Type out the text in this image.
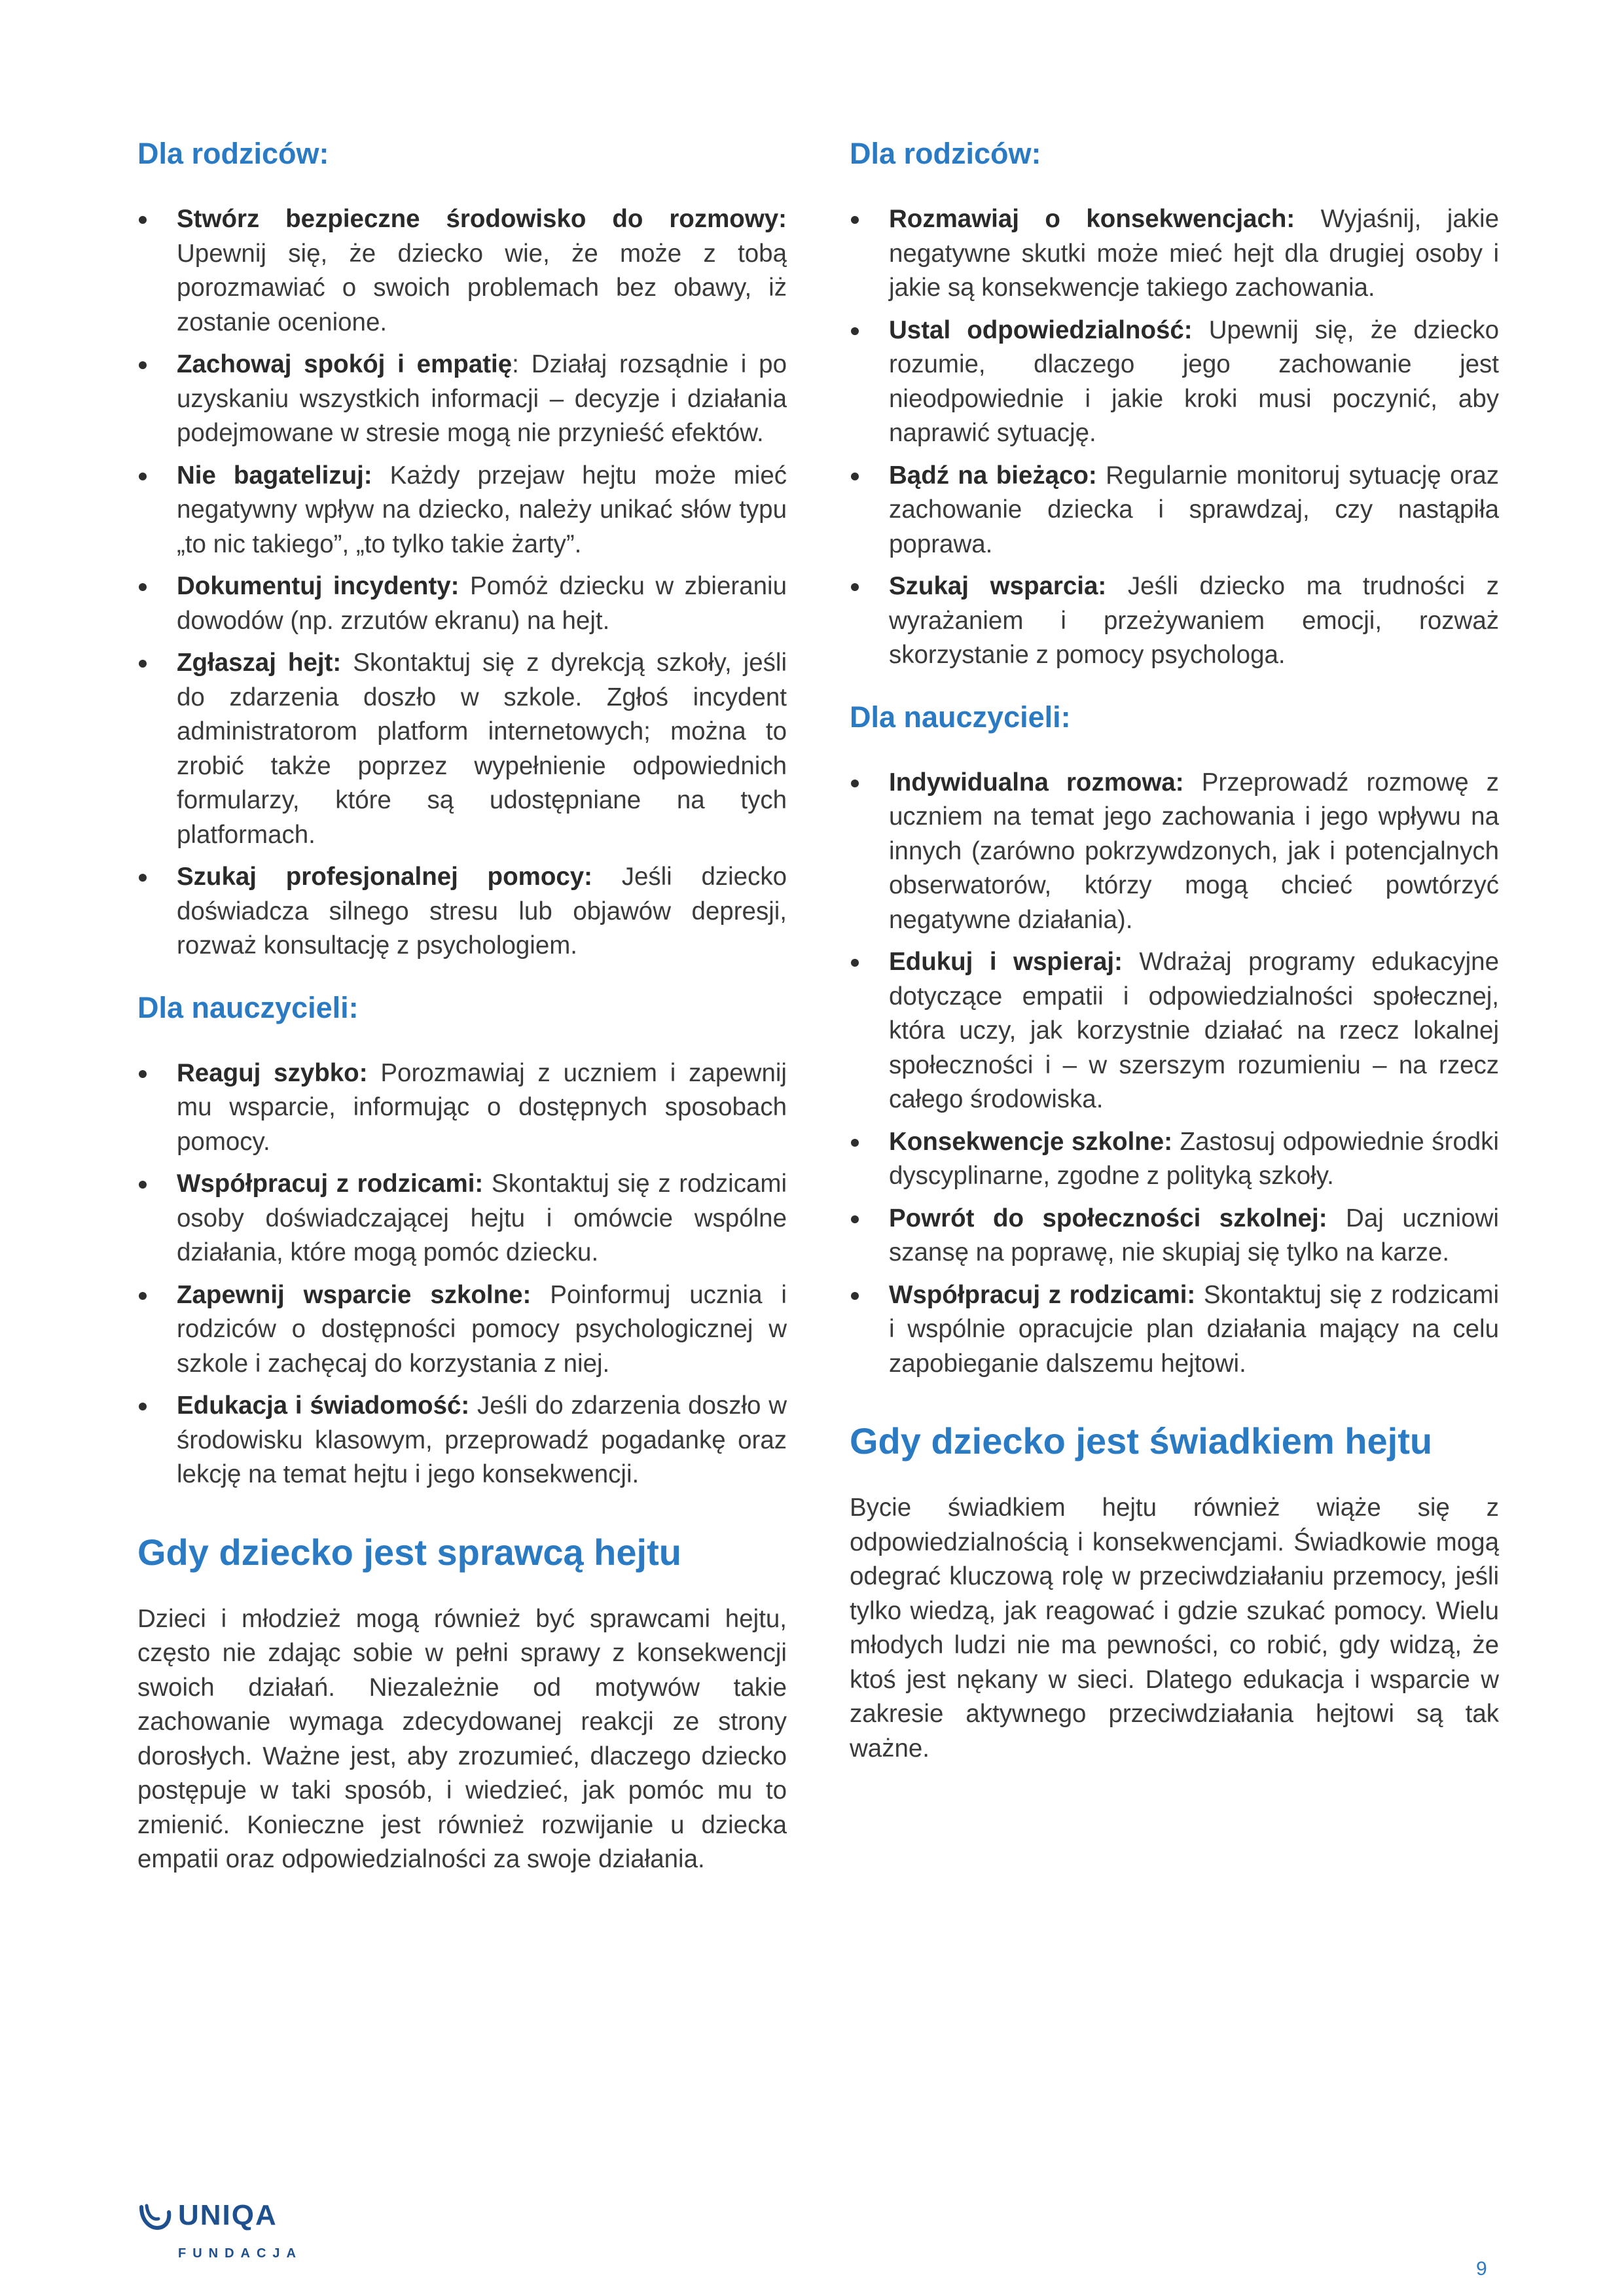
Dla rodziców:
Stwórz bezpieczne środowisko do rozmowy: Upewnij się, że dziecko wie, że może z tobą porozmawiać o swoich problemach bez obawy, iż zostanie ocenione.
Zachowaj spokój i empatię: Działaj rozsądnie i po uzyskaniu wszystkich informacji – decyzje i działania podejmowane w stresie mogą nie przynieść efektów.
Nie bagatelizuj: Każdy przejaw hejtu może mieć negatywny wpływ na dziecko, należy unikać słów typu „to nic takiego”, „to tylko takie żarty”.
Dokumentuj incydenty: Pomóż dziecku w zbieraniu dowodów (np. zrzutów ekranu) na hejt.
Zgłaszaj hejt: Skontaktuj się z dyrekcją szkoły, jeśli do zdarzenia doszło w szkole. Zgłoś incydent administratorom platform internetowych; można to zrobić także poprzez wypełnienie odpowiednich formularzy, które są udostępniane na tych platformach.
Szukaj profesjonalnej pomocy: Jeśli dziecko doświadcza silnego stresu lub objawów depresji, rozważ konsultację z psychologiem.
Dla nauczycieli:
Reaguj szybko: Porozmawiaj z uczniem i zapewnij mu wsparcie, informując o dostępnych sposobach pomocy.
Współpracuj z rodzicami: Skontaktuj się z rodzicami osoby doświadczającej hejtu i omówcie wspólne działania, które mogą pomóc dziecku.
Zapewnij wsparcie szkolne: Poinformuj ucznia i rodziców o dostępności pomocy psychologicznej w szkole i zachęcaj do korzystania z niej.
Edukacja i świadomość: Jeśli do zdarzenia doszło w środowisku klasowym, przeprowadź pogadankę oraz lekcję na temat hejtu i jego konsekwencji.
Gdy dziecko jest sprawcą hejtu

Dzieci i młodzież mogą również być sprawcami hejtu, często nie zdając sobie w pełni sprawy z konsekwencji swoich działań. Niezależnie od motywów takie zachowanie wymaga zdecydowanej reakcji ze strony dorosłych. Ważne jest, aby zrozumieć, dlaczego dziecko postępuje w taki sposób, i wiedzieć, jak pomóc mu to zmienić. Konieczne jest również rozwijanie u dziecka empatii oraz odpowiedzialności za swoje działania.

Dla rodziców:
Rozmawiaj o konsekwencjach: Wyjaśnij, jakie negatywne skutki może mieć hejt dla drugiej osoby i jakie są konsekwencje takiego zachowania.
Ustal odpowiedzialność: Upewnij się, że dziecko rozumie, dlaczego jego zachowanie jest nieodpowiednie i jakie kroki musi poczynić, aby naprawić sytuację.
Bądź na bieżąco: Regularnie monitoruj sytuację oraz zachowanie dziecka i sprawdzaj, czy nastąpiła poprawa.
Szukaj wsparcia: Jeśli dziecko ma trudności z wyrażaniem i przeżywaniem emocji, rozważ skorzystanie z pomocy psychologa.
Dla nauczycieli:
Indywidualna rozmowa: Przeprowadź rozmowę z uczniem na temat jego zachowania i jego wpływu na innych (zarówno pokrzywdzonych, jak i potencjalnych obserwatorów, którzy mogą chcieć powtórzyć negatywne działania).
Edukuj i wspieraj: Wdrażaj programy edukacyjne dotyczące empatii i odpowiedzialności społecznej, która uczy, jak korzystnie działać na rzecz lokalnej społeczności i – w szerszym rozumieniu – na rzecz całego środowiska.
Konsekwencje szkolne: Zastosuj odpowiednie środki dyscyplinarne, zgodne z polityką szkoły.
Powrót do społeczności szkolnej: Daj uczniowi szansę na poprawę, nie skupiaj się tylko na karze.
Współpracuj z rodzicami: Skontaktuj się z rodzicami i wspólnie opracujcie plan działania mający na celu zapobieganie dalszemu hejtowi.
Gdy dziecko jest świadkiem hejtu

Bycie świadkiem hejtu również wiąże się z odpowiedzialnością i konsekwencjami. Świadkowie mogą odegrać kluczową rolę w przeciwdziałaniu przemocy, jeśli tylko wiedzą, jak reagować i gdzie szukać pomocy. Wielu młodych ludzi nie ma pewności, co robić, gdy widzą, że ktoś jest nękany w sieci. Dlatego edukacja i wsparcie w zakresie aktywnego przeciwdziałania hejtowi są tak ważne.

UNIQA
FUNDACJA
9
